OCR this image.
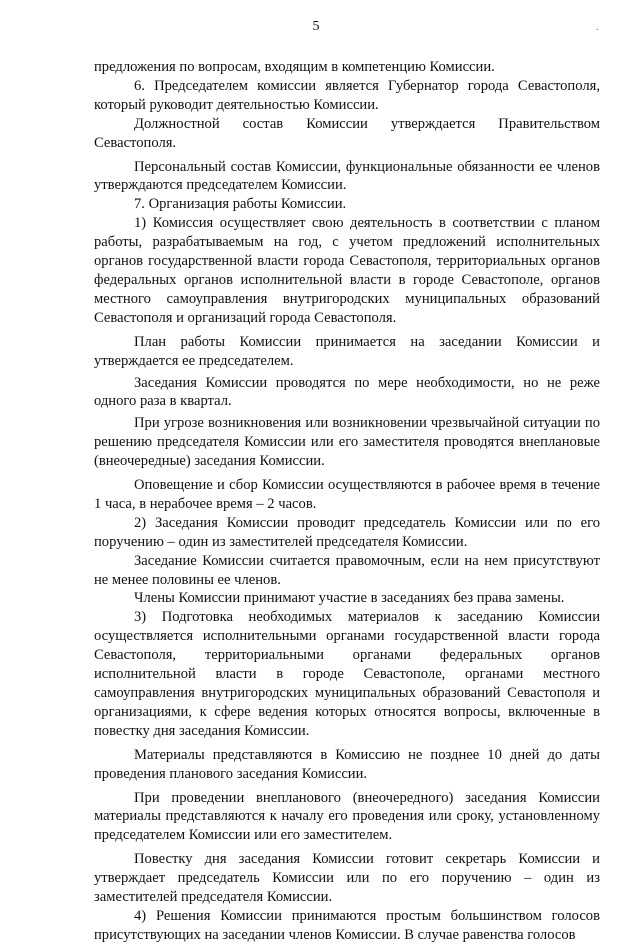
5	.

предложения по вопросам, входящим в компетенцию Комиссии.

6. Председателем комиссии является Губернатор города Севастополя, который руководит деятельностью Комиссии.

Должностной состав Комиссии утверждается Правительством Севастополя.

Персональный состав Комиссии, функциональные обязанности ее членов утверждаются председателем Комиссии.

7. Организация работы Комиссии.

1) Комиссия осуществляет свою деятельность в соответствии с планом работы, разрабатываемым на год, с учетом предложений исполнительных органов государственной власти города Севастополя, территориальных органов федеральных органов исполнительной власти в городе Севастополе, органов местного самоуправления внутригородских муниципальных образований Севастополя и организаций города Севастополя.

План работы Комиссии принимается на заседании Комиссии и утверждается ее председателем.

Заседания Комиссии проводятся по мере необходимости, но не реже одного раза в квартал.

При угрозе возникновения или возникновении чрезвычайной ситуации по решению председателя Комиссии или его заместителя проводятся внеплановые (внеочередные) заседания Комиссии.

Оповещение и сбор Комиссии осуществляются в рабочее время в течение 1 часа, в нерабочее время – 2 часов.

2) Заседания Комиссии проводит председатель Комиссии или по его поручению – один из заместителей председателя Комиссии.

Заседание Комиссии считается правомочным, если на нем присутствуют не менее половины ее членов.

Члены Комиссии принимают участие в заседаниях без права замены.

3) Подготовка необходимых материалов к заседанию Комиссии осуществляется исполнительными органами государственной власти города Севастополя, территориальными органами федеральных органов исполнительной власти в городе Севастополе, органами местного самоуправления внутригородских муниципальных образований Севастополя и организациями, к сфере ведения которых относятся вопросы, включенные в повестку дня заседания Комиссии.

Материалы представляются в Комиссию не позднее 10 дней до даты проведения планового заседания Комиссии.

При проведении внепланового (внеочередного) заседания Комиссии материалы представляются к началу его проведения или сроку, установленному председателем Комиссии или его заместителем.

Повестку дня заседания Комиссии готовит секретарь Комиссии и утверждает председатель Комиссии или по его поручению – один из заместителей председателя Комиссии.

4) Решения Комиссии принимаются простым большинством голосов присутствующих на заседании членов Комиссии. В случае равенства голосов
